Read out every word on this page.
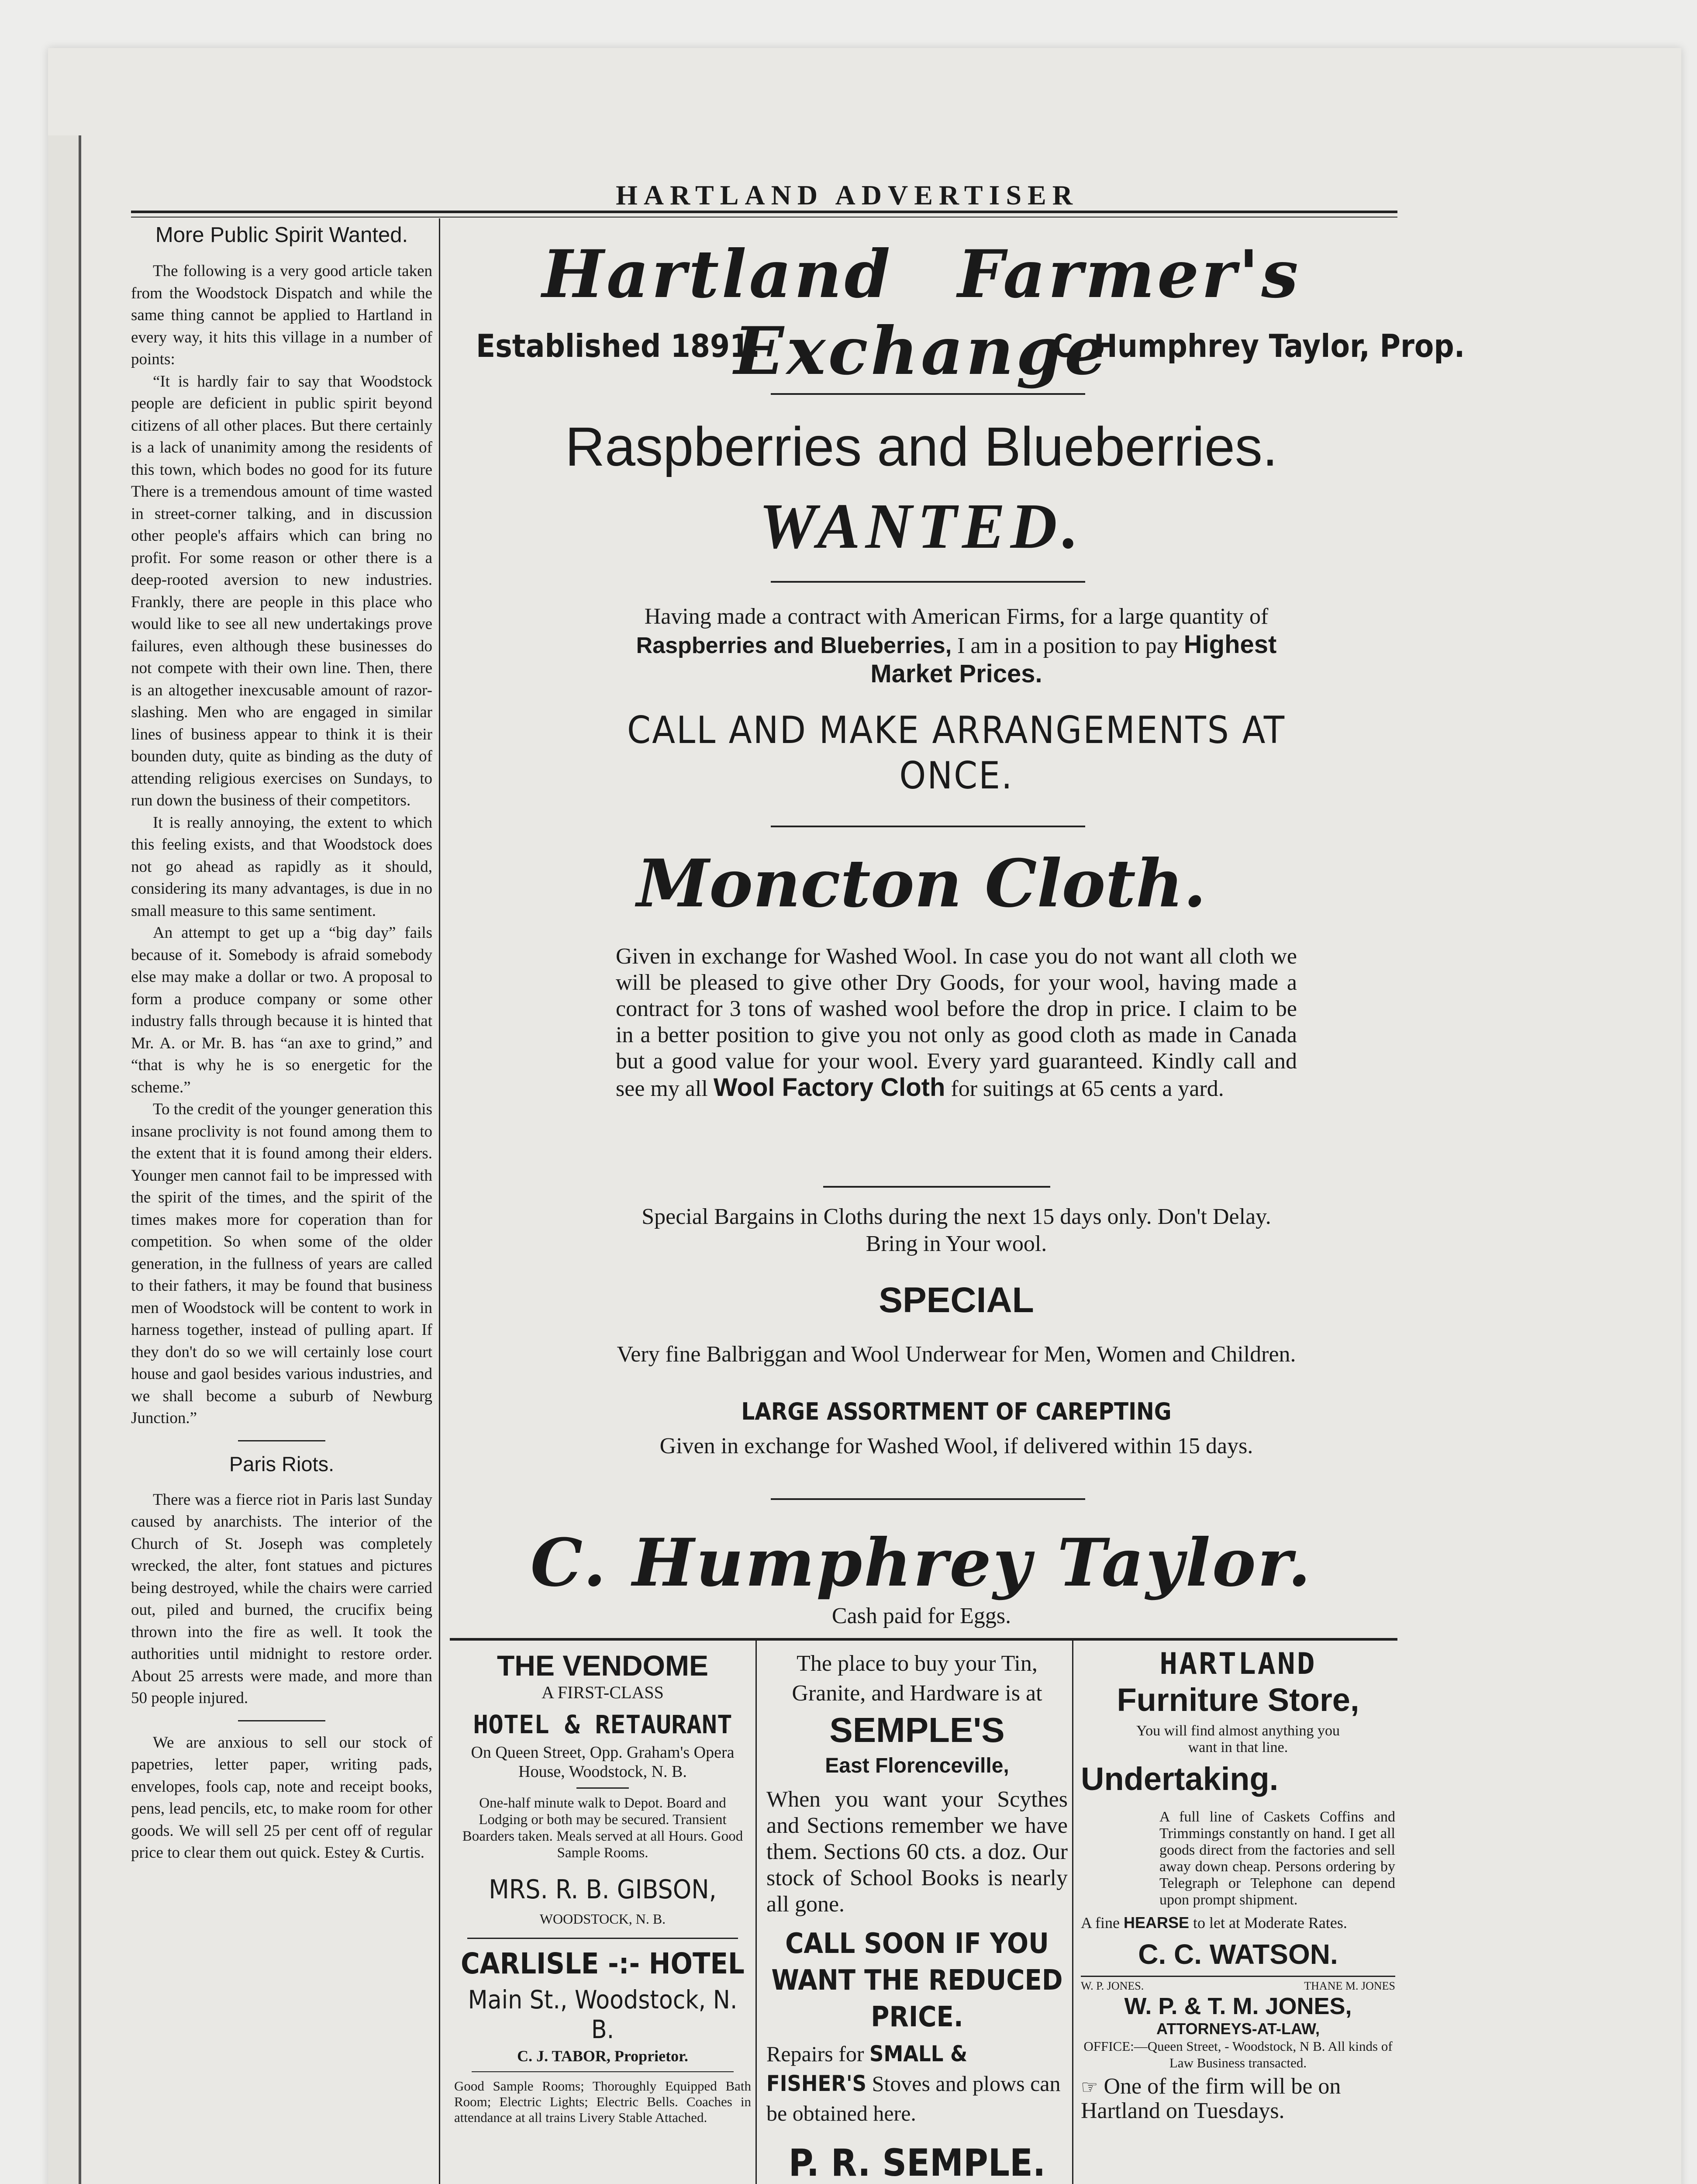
HARTLAND ADVERTISER
More Public Spirit Wanted.

The following is a very good article taken from the Woodstock Dispatch and while the same thing cannot be applied to Hartland in every way, it hits this village in a number of points:

“It is hardly fair to say that Woodstock people are deficient in public spirit beyond citizens of all other places. But there certainly is a lack of unanimity among the residents of this town, which bodes no good for its future There is a tremendous amount of time wasted in street-corner talking, and in discussion other people's affairs which can bring no profit. For some reason or other there is a deep-rooted aversion to new industries. Frankly, there are people in this place who would like to see all new undertakings prove failures, even although these businesses do not compete with their own line. Then, there is an altogether inexcusable amount of razor-slashing. Men who are engaged in similar lines of business appear to think it is their bounden duty, quite as binding as the duty of attending religious exercises on Sundays, to run down the business of their competitors.

It is really annoying, the extent to which this feeling exists, and that Woodstock does not go ahead as rapidly as it should, considering its many advantages, is due in no small measure to this same sentiment.

An attempt to get up a “big day” fails because of it. Somebody is afraid somebody else may make a dollar or two. A proposal to form a produce company or some other industry falls through because it is hinted that Mr. A. or Mr. B. has “an axe to grind,” and “that is why he is so energetic for the scheme.”

To the credit of the younger generation this insane proclivity is not found among them to the extent that it is found among their elders. Younger men cannot fail to be impressed with the spirit of the times, and the spirit of the times makes more for coperation than for competition. So when some of the older generation, in the fullness of years are called to their fathers, it may be found that business men of Woodstock will be content to work in harness together, instead of pulling apart. If they don't do so we will certainly lose court house and gaol besides various industries, and we shall become a suburb of Newburg Junction.”

Paris Riots.

There was a fierce riot in Paris last Sunday caused by anarchists. The interior of the Church of St. Joseph was completely wrecked, the alter, font statues and pictures being destroyed, while the chairs were carried out, piled and burned, the crucifix being thrown into the fire as well. It took the authorities until midnight to restore order. About 25 arrests were made, and more than 50 people injured.

We are anxious to sell our stock of papetries, letter paper, writing pads, envelopes, fools cap, note and receipt books, pens, lead pencils, etc, to make room for other goods. We will sell 25 per cent off of regular price to clear them out quick. Estey & Curtis.

Hartland Farmer's Exchange
Established 1891.	C. Humphrey Taylor, Prop.
Raspberries and Blueberries.
WANTED.
Having made a contract with American Firms, for a large quantity of Raspberries and Blueberries, I am in a position to pay Highest Market Prices.
CALL AND MAKE ARRANGEMENTS AT ONCE.
Moncton Cloth.
Given in exchange for Washed Wool. In case you do not want all cloth we will be pleased to give other Dry Goods, for your wool, having made a contract for 3 tons of washed wool before the drop in price. I claim to be in a better position to give you not only as good cloth as made in Canada but a good value for your wool. Every yard guaranteed. Kindly call and see my all Wool Factory Cloth for suitings at 65 cents a yard.
Special Bargains in Cloths during the next 15 days only. Don't Delay. Bring in Your wool.
SPECIAL
Very fine Balbriggan and Wool Underwear for Men, Women and Children.
LARGE ASSORTMENT OF CAREPTING
Given in exchange for Washed Wool, if delivered within 15 days.
C. Humphrey Taylor.
Cash paid for Eggs.
THE VENDOME
A FIRST-CLASS
HOTEL & RETAURANT
On Queen Street, Opp. Graham's Opera House, Woodstock, N. B.
One-half minute walk to Depot. Board and Lodging or both may be secured. Transient Boarders taken. Meals served at all Hours. Good Sample Rooms.
MRS. R. B. GIBSON,
WOODSTOCK, N. B.
CARLISLE -:- HOTEL
Main St., Woodstock, N. B.
C. J. TABOR, Proprietor.
Good Sample Rooms; Thoroughly Equipped Bath Room; Electric Lights; Electric Bells. Coaches in attendance at all trains Livery Stable Attached.
The place to buy your Tin, Granite, and Hardware is at
SEMPLE'S
East Florenceville,
When you want your Scythes and Sections remember we have them. Sections 60 cts. a doz. Our stock of School Books is nearly all gone.
CALL SOON IF YOU WANT THE REDUCED PRICE.
Repairs for SMALL & FISHER'S Stoves and plows can be obtained here.
P. R. SEMPLE.
HARTLAND
Furniture Store,
You will find almost anything you want in that line.
Undertaking.
A full line of Caskets Coffins and Trimmings constantly on hand. I get all goods direct from the factories and sell away down cheap. Persons ordering by Telegraph or Telephone can depend upon prompt shipment.
A fine HEARSE to let at Moderate Rates.
C. C. WATSON.
W. P. JONES.	THANE M. JONES
W. P. & T. M. JONES,
ATTORNEYS-AT-LAW,
OFFICE:—Queen Street, - Woodstock, N B. All kinds of Law Business transacted.
☞ One of the firm will be on Hartland on Tuesdays.
